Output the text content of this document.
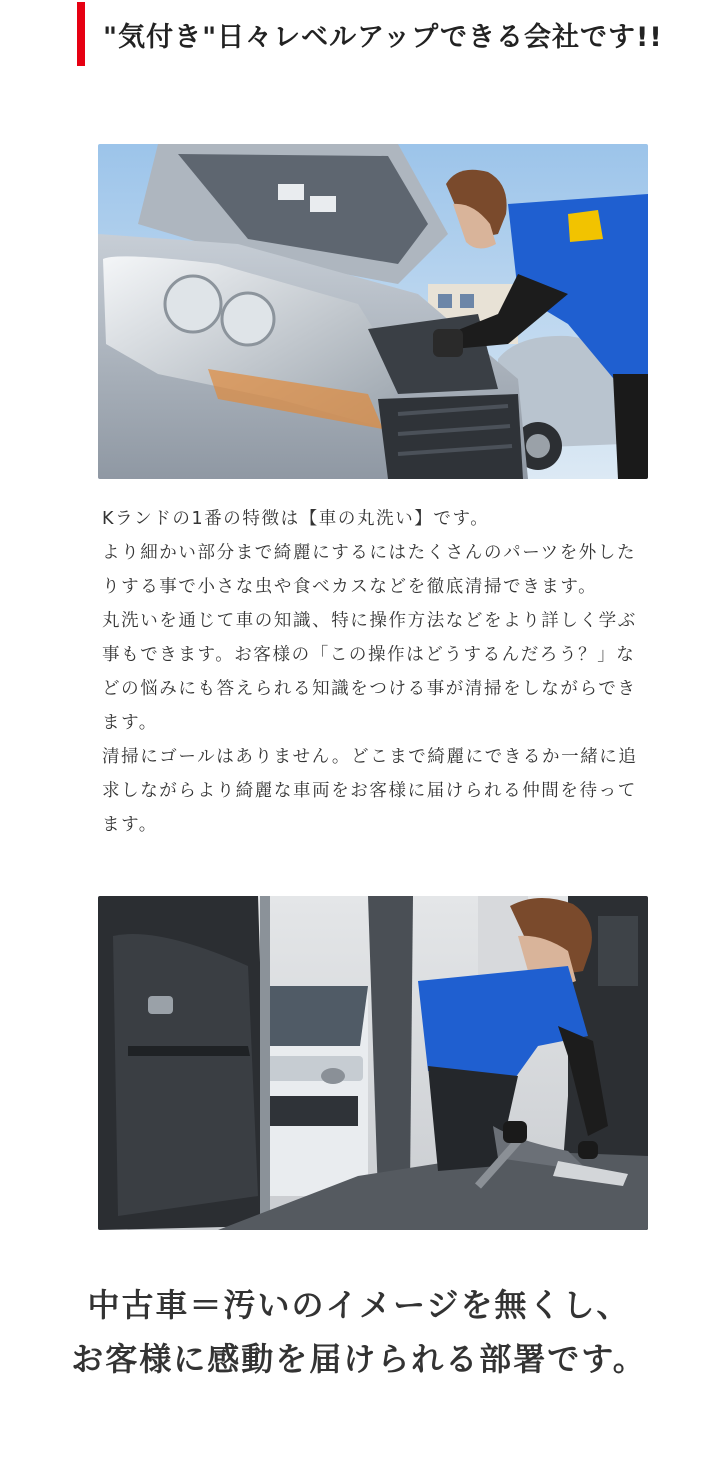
"気付き"日々レベルアップできる会社です!!

Kランドの1番の特徴は【車の丸洗い】です。

より細かい部分まで綺麗にするにはたくさんのパーツを外したりする事で小さな虫や食べカスなどを徹底清掃できます。

丸洗いを通じて車の知識、特に操作方法などをより詳しく学ぶ事もできます。お客様の「この操作はどうするんだろう？」などの悩みにも答えられる知識をつける事が清掃をしながらできます。

清掃にゴールはありません。どこまで綺麗にできるか一緒に追求しながらより綺麗な車両をお客様に届けられる仲間を待ってます。

中古車＝汚いのイメージを無くし、
お客様に感動を届けられる部署です。
